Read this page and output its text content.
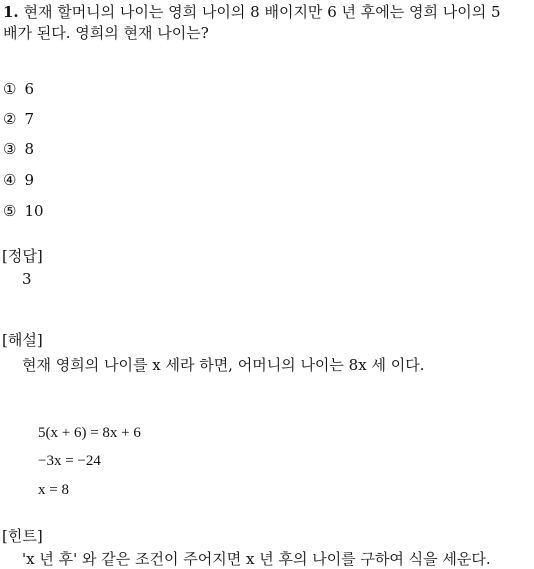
1. 현재 할머니의 나이는 영희 나이의 8 배이지만 6 년 후에는 영희 나이의 5
배가 된다. 영희의 현재 나이는?
① 6
② 7
③ 8
④ 9
⑤ 10
[정답]
3
[해설]
현재 영희의 나이를 x 세라 하면, 어머니의 나이는 8x 세 이다.
5(x + 6) = 8x + 6
−3x = −24
x = 8
[힌트]
'x 년 후' 와 같은 조건이 주어지면 x 년 후의 나이를 구하여 식을 세운다.
